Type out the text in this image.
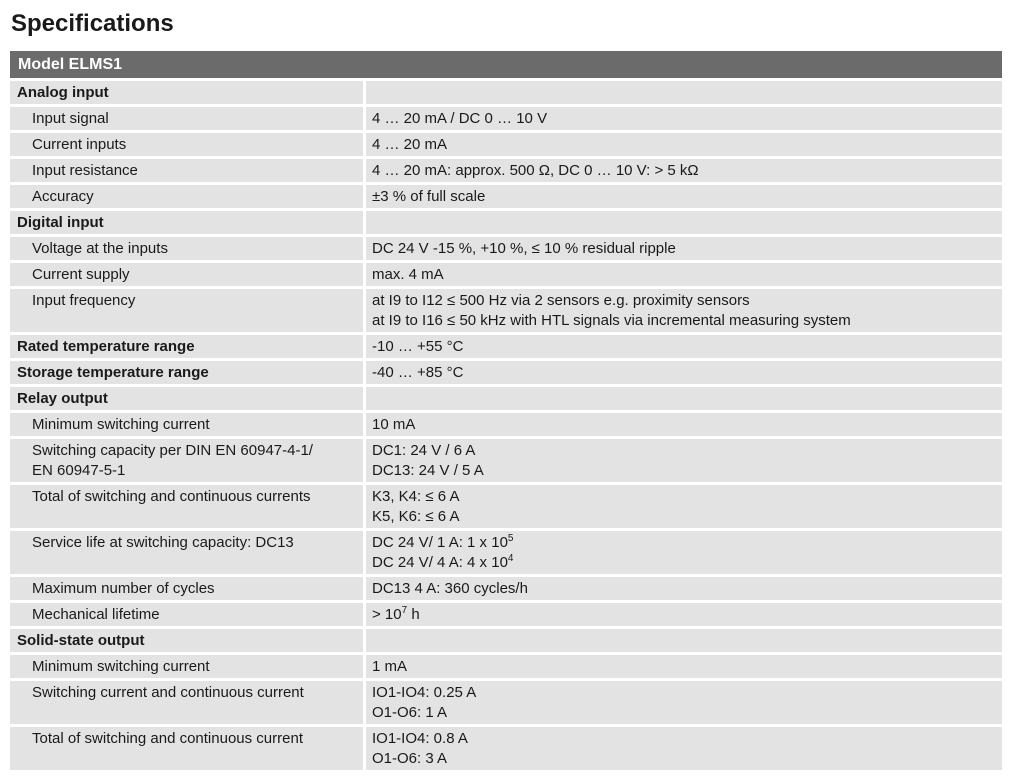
Specifications
Model ELMS1	
Analog input	
Input signal	4 … 20 mA / DC 0 … 10 V
Current inputs	4 … 20 mA
Input resistance	4 … 20 mA: approx. 500 Ω, DC 0 … 10 V: > 5 kΩ
Accuracy	±3 % of full scale
Digital input	
Voltage at the inputs	DC 24 V -15 %, +10 %, ≤ 10 % residual ripple
Current supply	max. 4 mA
Input frequency	at I9 to I12 ≤ 500 Hz via 2 sensors e.g. proximity sensors
at I9 to I16 ≤ 50 kHz with HTL signals via incremental measuring system

Rated temperature range	-10 … +55 °C
Storage temperature range	-40 … +85 °C
Relay output	
Minimum switching current	10 mA

Switching capacity per DIN EN 60947-4-1/
EN 60947-5-1	DC1: 24 V / 6 A
DC13: 24 V / 5 A

Total of switching and continuous currents	K3, K4: ≤ 6 A
K5, K6: ≤ 6 A

Service life at switching capacity: DC13	DC 24 V/ 1 A: 1 x $10^5$
DC 24 V/ 4 A: 4 x $10^4$

Maximum number of cycles	DC13 4 A: 360 cycles/h
Mechanical lifetime	> $10^7$ h
Solid-state output	
Minimum switching current	1 mA
Switching current and continuous current	IO1-IO4: 0.25 A
O1-O6: 1 A

Total of switching and continuous current	IO1-IO4: 0.8 A
O1-O6: 3 A
